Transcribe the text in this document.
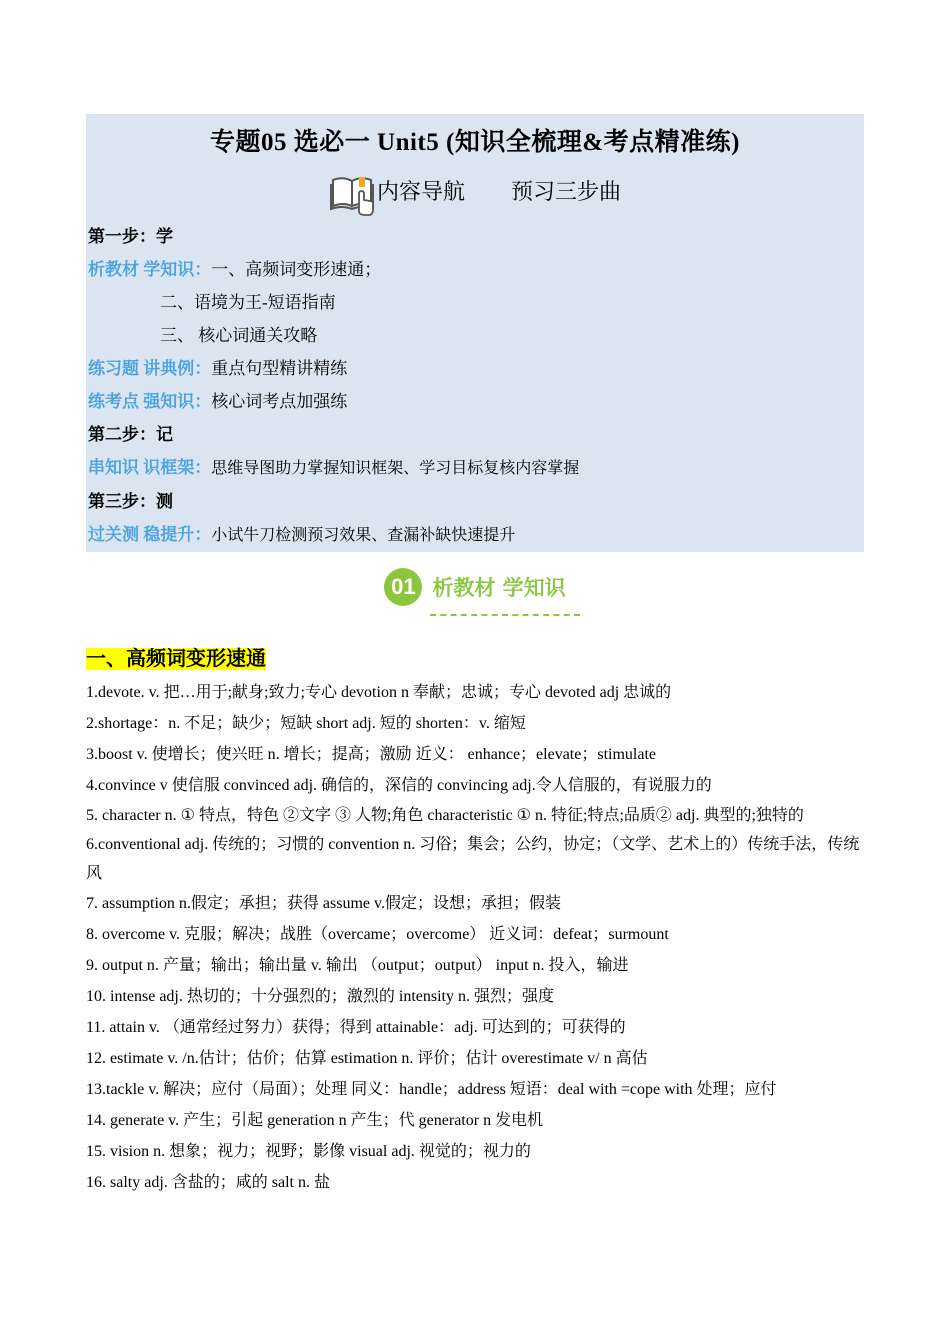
专题05 选必一 Unit5 (知识全梳理&考点精准练)
内容导航 预习三步曲
第一步：学
析教材 学知识：一、高频词变形速通；
二、语境为王-短语指南
三、 核心词通关攻略
练习题 讲典例：重点句型精讲精练
练考点 强知识：核心词考点加强练
第二步：记
串知识 识框架：思维导图助力掌握知识框架、学习目标复核内容掌握
第三步：测
过关测 稳提升：小试牛刀检测预习效果、查漏补缺快速提升
01 析教材 学知识
一、高频词变形速通
1.devote. v. 把…用于;献身;致力;专心 devotion n 奉献；忠诚；专心 devoted adj 忠诚的
2.shortage：n. 不足；缺少；短缺 short adj. 短的 shorten：v. 缩短
3.boost v. 使增长；使兴旺 n. 增长；提高；激励 近义： enhance；elevate；stimulate
4.convince v 使信服 convinced adj. 确信的，深信的 convincing adj.令人信服的，有说服力的
5. character n. ① 特点，特色 ②文字 ③ 人物;角色 characteristic ① n. 特征;特点;品质② adj. 典型的;独特的
6.conventional adj. 传统的；习惯的 convention n. 习俗；集会；公约，协定；（文学、艺术上的）传统手法，传统风
7. assumption n.假定；承担；获得 assume v.假定；设想；承担；假装
8. overcome v. 克服；解决；战胜（overcame；overcome） 近义词：defeat；surmount
9. output n. 产量；输出；输出量 v. 输出 （output；output） input n. 投入，输进
10. intense adj. 热切的；十分强烈的；激烈的 intensity n. 强烈；强度
11. attain v. （通常经过努力）获得；得到 attainable：adj. 可达到的；可获得的
12. estimate v. /n.估计；估价；估算 estimation n. 评价；估计 overestimate v/ n 高估
13.tackle v. 解决；应付（局面）；处理 同义：handle；address 短语：deal with =cope with 处理；应付
14. generate v. 产生；引起 generation n 产生；代 generator n 发电机
15. vision n. 想象；视力；视野；影像 visual adj. 视觉的；视力的
16. salty adj. 含盐的；咸的 salt n. 盐
